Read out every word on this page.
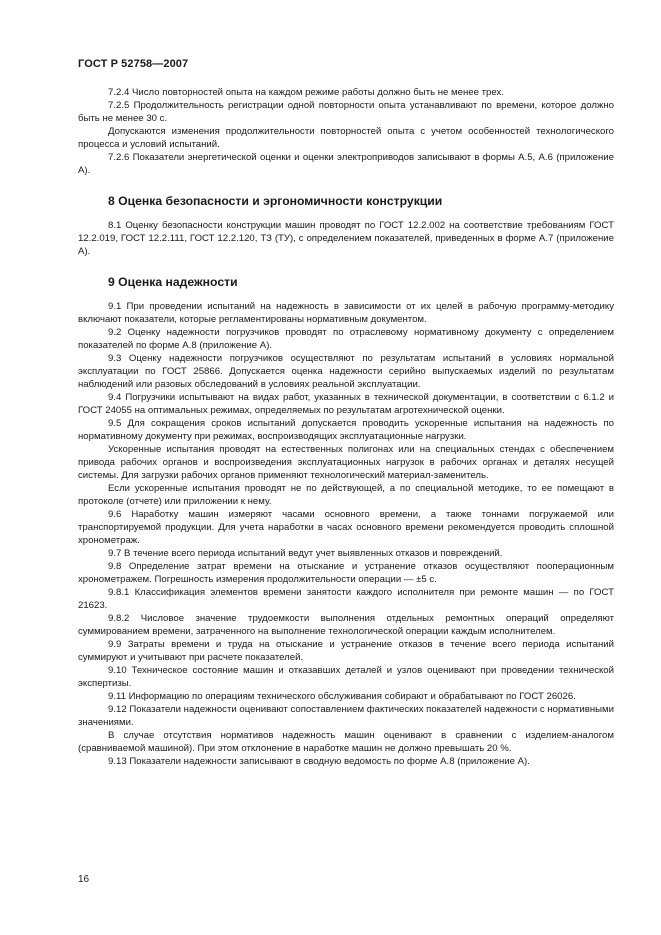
ГОСТ Р 52758—2007

7.2.4 Число повторностей опыта на каждом режиме работы должно быть не менее трех.

7.2.5 Продолжительность регистрации одной повторности опыта устанавливают по времени, которое должно быть не менее 30 с.

Допускаются изменения продолжительности повторностей опыта с учетом особенностей технологического процесса и условий испытаний.

7.2.6 Показатели энергетической оценки и оценки электроприводов записывают в формы А.5, А.6 (приложение А).

8 Оценка безопасности и эргономичности конструкции

8.1 Оценку безопасности конструкции машин проводят по ГОСТ 12.2.002 на соответствие требованиям ГОСТ 12.2.019, ГОСТ 12.2.111, ГОСТ 12.2.120, ТЗ (ТУ), с определением показателей, приведенных в форме А.7 (приложение А).

9 Оценка надежности

9.1 При проведении испытаний на надежность в зависимости от их целей в рабочую программу-методику включают показатели, которые регламентированы нормативным документом.

9.2 Оценку надежности погрузчиков проводят по отраслевому нормативному документу с определением показателей по форме А.8 (приложение А).

9.3 Оценку надежности погрузчиков осуществляют по результатам испытаний в условиях нормальной эксплуатации по ГОСТ 25866. Допускается оценка надежности серийно выпускаемых изделий по результатам наблюдений или разовых обследований в условиях реальной эксплуатации.

9.4 Погрузчики испытывают на видах работ, указанных в технической документации, в соответствии с 6.1.2 и ГОСТ 24055 на оптимальных режимах, определяемых по результатам агротехнической оценки.

9.5 Для сокращения сроков испытаний допускается проводить ускоренные испытания на надежность по нормативному документу при режимах, воспроизводящих эксплуатационные нагрузки.

Ускоренные испытания проводят на естественных полигонах или на специальных стендах с обеспечением привода рабочих органов и воспроизведения эксплуатационных нагрузок в рабочих органах и деталях несущей системы. Для загрузки рабочих органов применяют технологический материал-заменитель.

Если ускоренные испытания проводят не по действующей, а по специальной методике, то ее помещают в протоколе (отчете) или приложении к нему.

9.6 Наработку машин измеряют часами основного времени, а также тоннами погружаемой или транспортируемой продукции. Для учета наработки в часах основного времени рекомендуется проводить сплошной хронометраж.

9.7 В течение всего периода испытаний ведут учет выявленных отказов и повреждений.

9.8 Определение затрат времени на отыскание и устранение отказов осуществляют пооперационным хронометражем. Погрешность измерения продолжительности операции — ±5 с.

9.8.1 Классификация элементов времени занятости каждого исполнителя при ремонте машин — по ГОСТ 21623.

9.8.2 Числовое значение трудоемкости выполнения отдельных ремонтных операций определяют суммированием времени, затраченного на выполнение технологической операции каждым исполнителем.

9.9 Затраты времени и труда на отыскание и устранение отказов в течение всего периода испытаний суммируют и учитывают при расчете показателей.

9.10 Техническое состояние машин и отказавших деталей и узлов оценивают при проведении технической экспертизы.

9.11 Информацию по операциям технического обслуживания собирают и обрабатывают по ГОСТ 26026.

9.12 Показатели надежности оценивают сопоставлением фактических показателей надежности с нормативными значениями.

В случае отсутствия нормативов надежность машин оценивают в сравнении с изделием-аналогом (сравниваемой машиной). При этом отклонение в наработке машин не должно превышать 20 %.

9.13 Показатели надежности записывают в сводную ведомость по форме А.8 (приложение А).

16
